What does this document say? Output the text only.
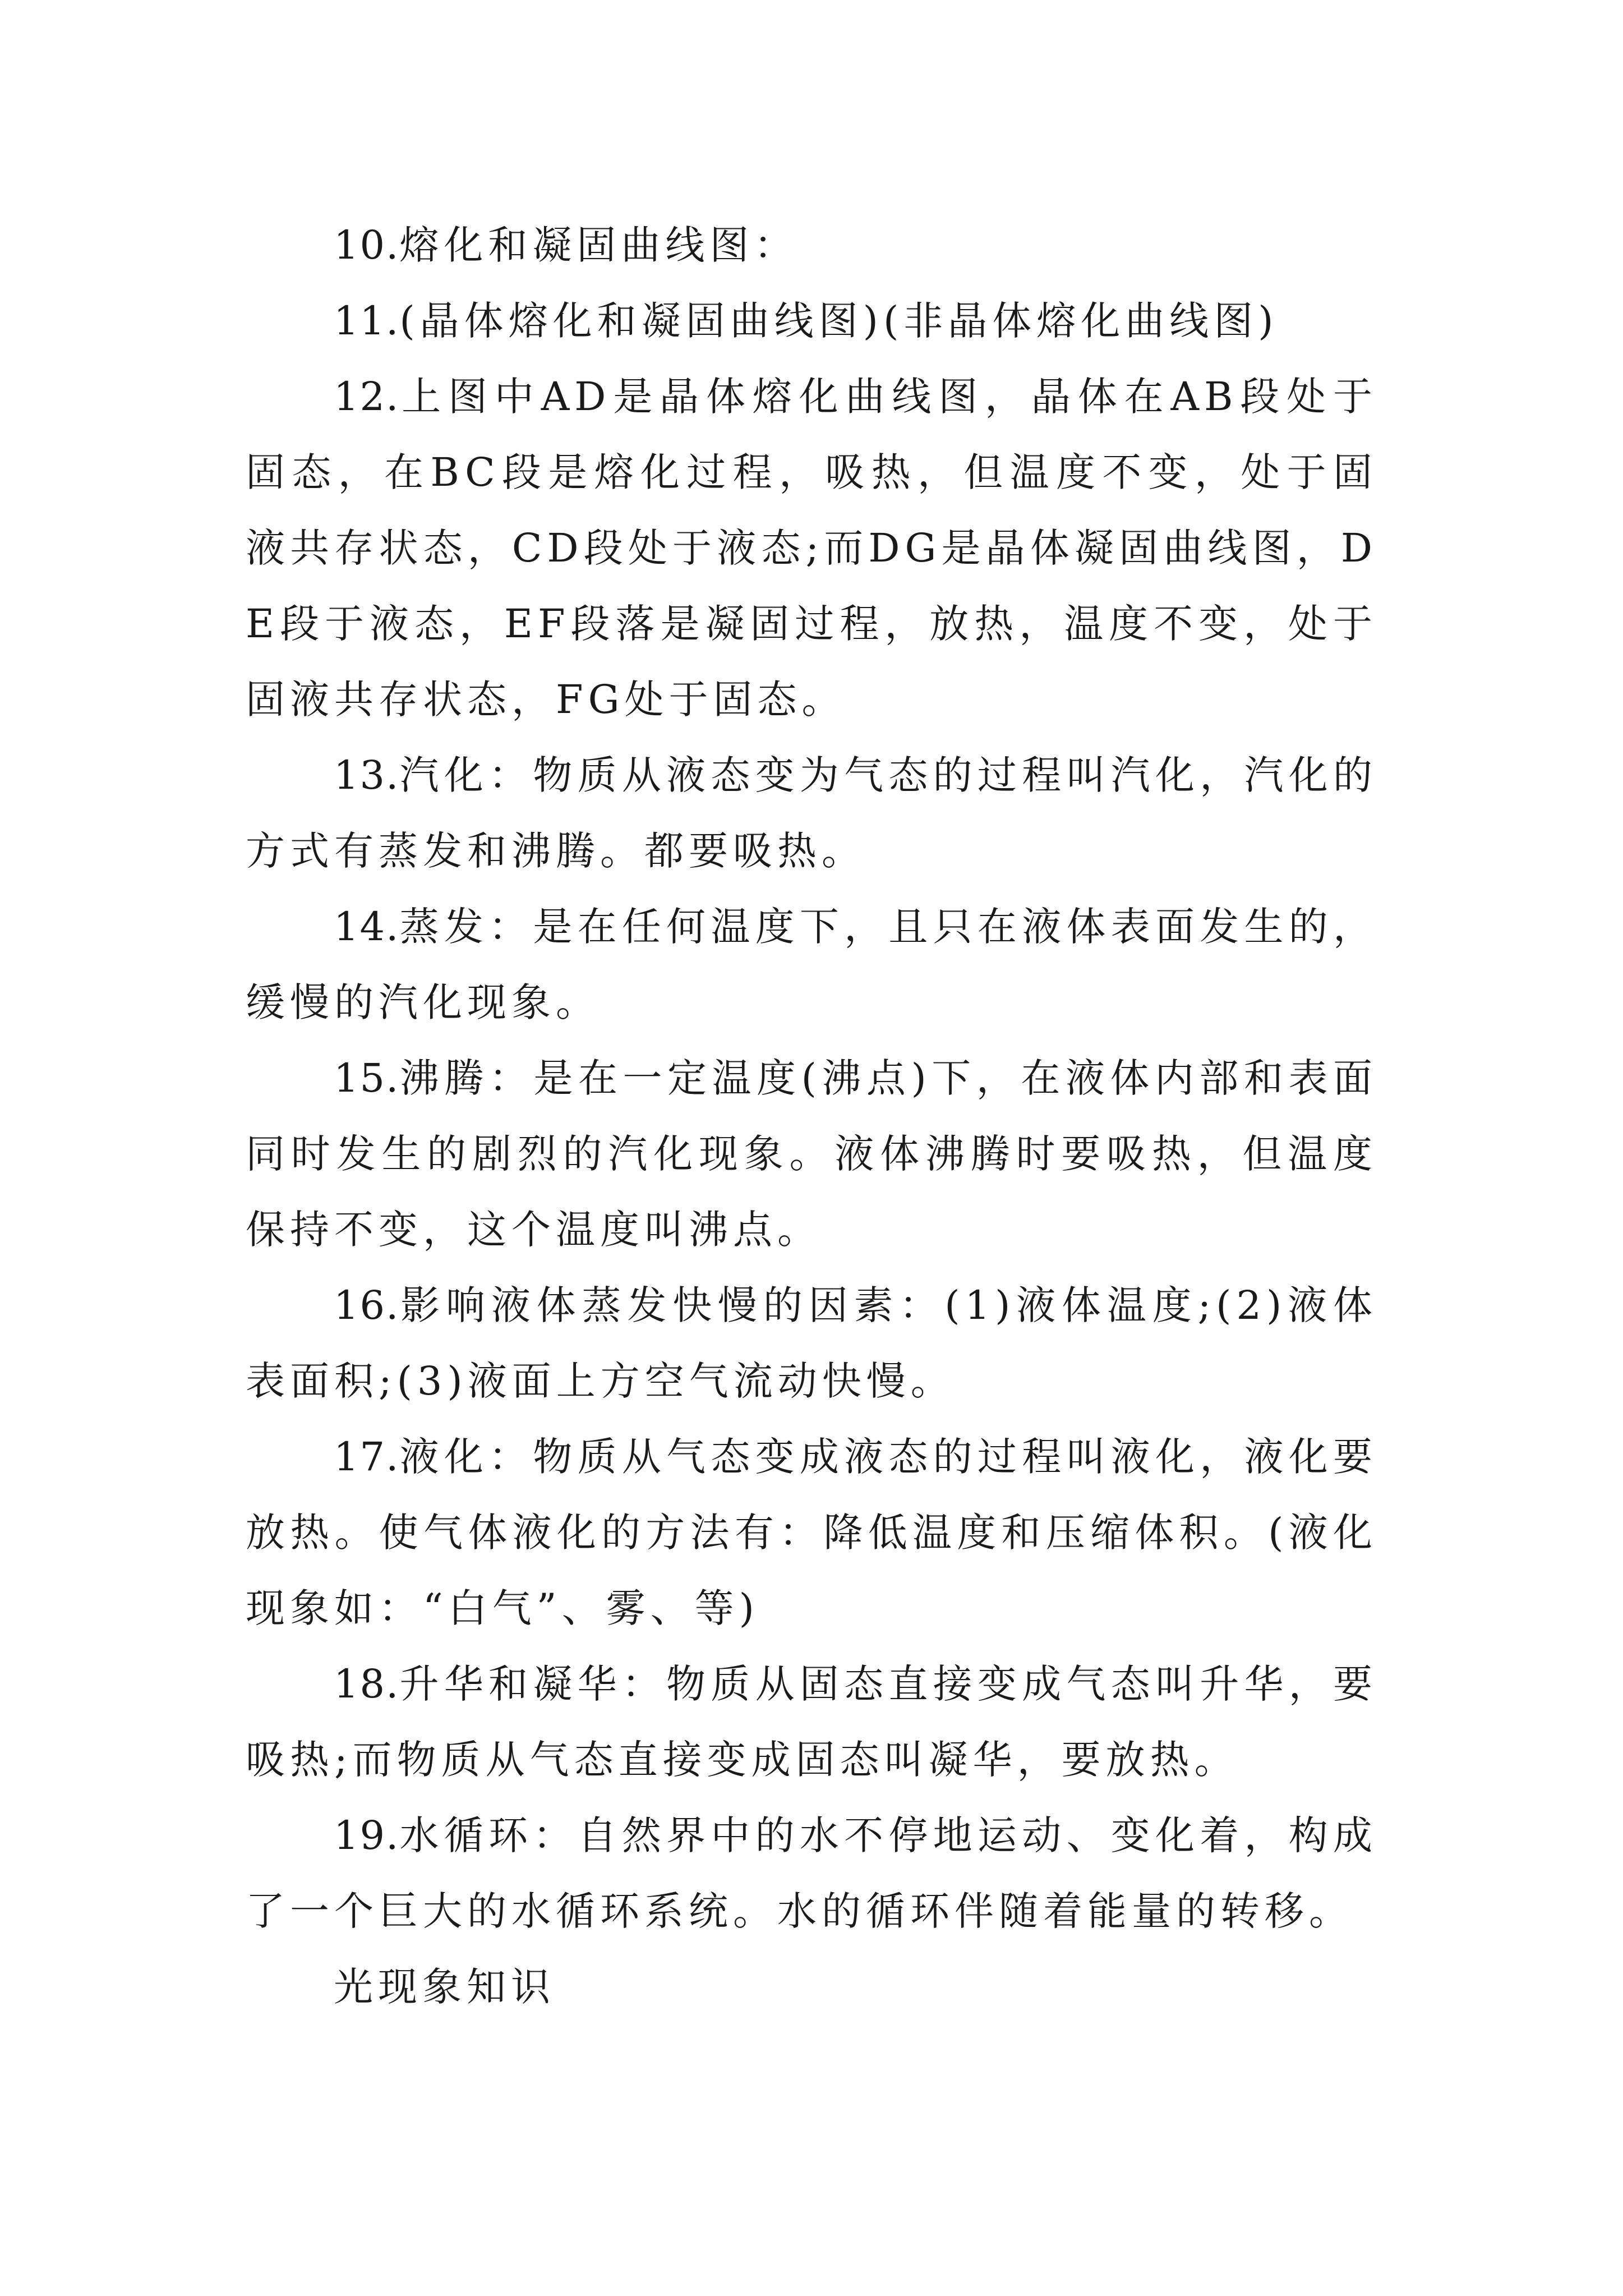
10.熔化和凝固曲线图：

11.(晶体熔化和凝固曲线图)(非晶体熔化曲线图)

12.上图中AD是晶体熔化曲线图，晶体在AB段处于固态，在BC段是熔化过程，吸热，但温度不变，处于固液共存状态，CD段处于液态;而DG是晶体凝固曲线图，DE段于液态，EF段落是凝固过程，放热，温度不变，处于固液共存状态，FG处于固态。

13.汽化：物质从液态变为气态的过程叫汽化，汽化的方式有蒸发和沸腾。都要吸热。

14.蒸发：是在任何温度下，且只在液体表面发生的，缓慢的汽化现象。

15.沸腾：是在一定温度(沸点)下，在液体内部和表面同时发生的剧烈的汽化现象。液体沸腾时要吸热，但温度保持不变，这个温度叫沸点。

16.影响液体蒸发快慢的因素：(1)液体温度;(2)液体表面积;(3)液面上方空气流动快慢。

17.液化：物质从气态变成液态的过程叫液化，液化要放热。使气体液化的方法有：降低温度和压缩体积。(液化现象如：“白气”、雾、等)

18.升华和凝华：物质从固态直接变成气态叫升华，要吸热;而物质从气态直接变成固态叫凝华，要放热。

19.水循环：自然界中的水不停地运动、变化着，构成了一个巨大的水循环系统。水的循环伴随着能量的转移。

光现象知识
